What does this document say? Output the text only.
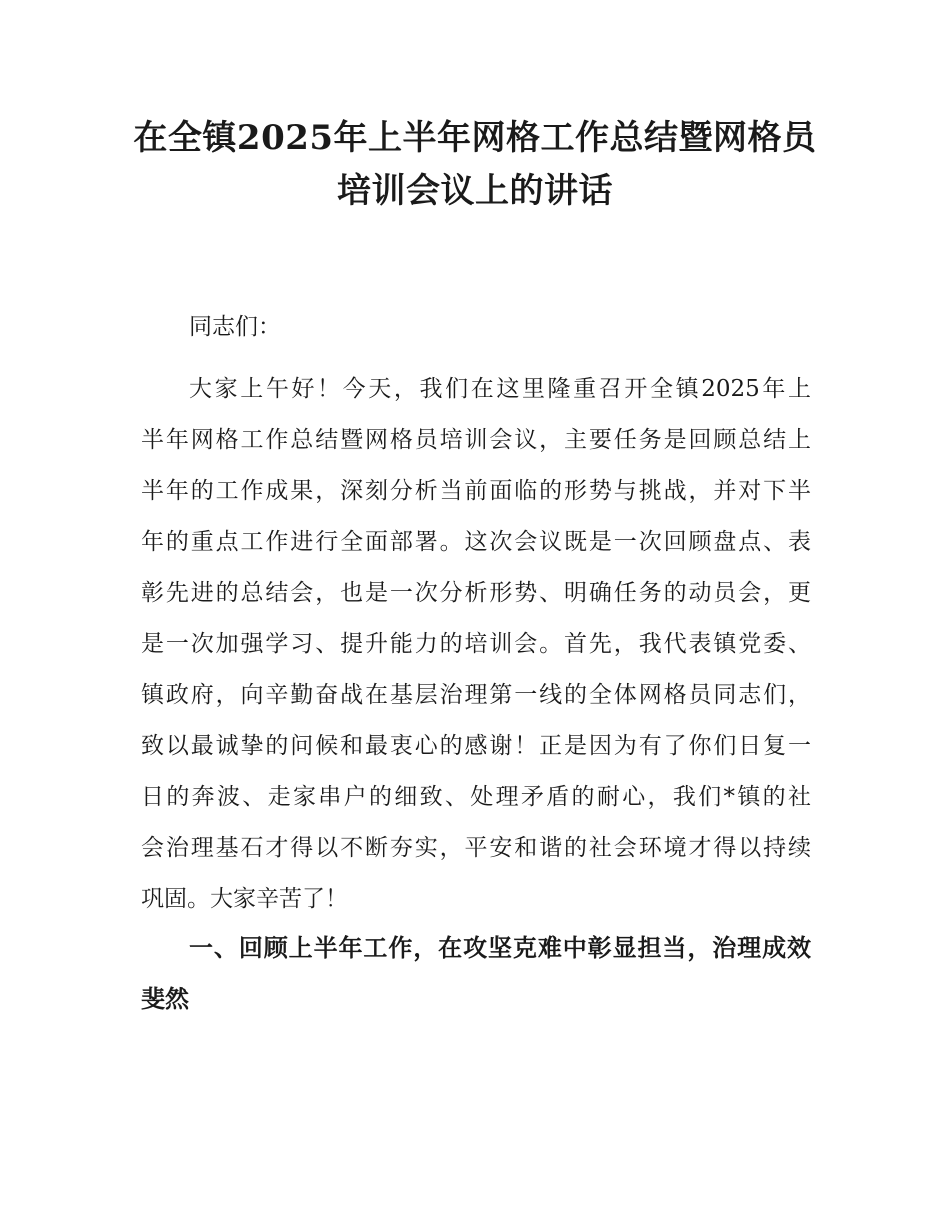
在全镇2025年上半年网格工作总结暨网格员
培训会议上的讲话

同志们：

大家上午好！今天，我们在这里隆重召开全镇2025年上
半年网格工作总结暨网格员培训会议，主要任务是回顾总结上
半年的工作成果，深刻分析当前面临的形势与挑战，并对下半
年的重点工作进行全面部署。这次会议既是一次回顾盘点、表
彰先进的总结会，也是一次分析形势、明确任务的动员会，更
是一次加强学习、提升能力的培训会。首先，我代表镇党委、
镇政府，向辛勤奋战在基层治理第一线的全体网格员同志们，
致以最诚挚的问候和最衷心的感谢！正是因为有了你们日复一
日的奔波、走家串户的细致、处理矛盾的耐心，我们*镇的社
会治理基石才得以不断夯实，平安和谐的社会环境才得以持续
巩固。大家辛苦了！
一、回顾上半年工作，在攻坚克难中彰显担当，治理成效
斐然
